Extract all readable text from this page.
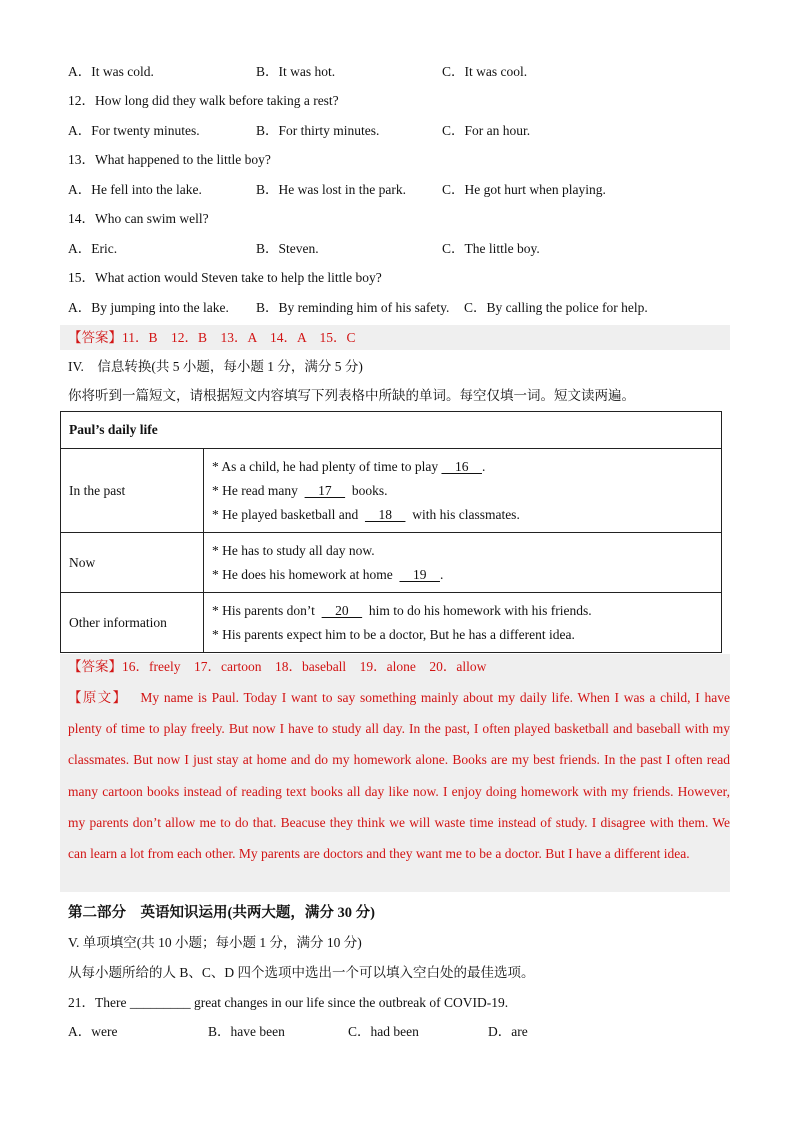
A．It was cold.	B．It was hot.	C．It was cool.
12．How long did they walk before taking a rest?
A．For twenty minutes.	B．For thirty minutes.	C．For an hour.
13．What happened to the little boy?
A．He fell into the lake.	B．He was lost in the park.	C．He got hurt when playing.
14．Who can swim well?
A．Eric.	B．Steven.	C．The little boy.
15．What action would Steven take to help the little boy?
A．By jumping into the lake. B．By reminding him of his safety. C．By calling the police for help.
【答案】11．B　12．B　13．A　14．A　15．C
IV.　信息转换(共 5 小题，每小题 1 分，满分 5 分)
你将听到一篇短文，请根据短文内容填写下列表格中所缺的单词。每空仅填一词。短文读两遍。
Paul’s daily life	
In the past	* As a child, he had plenty of time to play     16    .
* He read many      17      books.
* He played basketball and      18      with his classmates.

Now	* He has to study all day now.
* He does his homework at home      19    .

Other information	* His parents don’t      20      him to do his homework with his friends.
* His parents expect him to be a doctor, But he has a different idea.
【答案】16．freely　17．cartoon　18．baseball　19．alone　20．allow

【原文】　 My name is Paul. Today I want to say something mainly about my daily life. When I was a child, I have plenty of time to play freely. But now I have to study all day. In the past, I often played basketball and baseball with my classmates. But now I just stay at home and do my homework alone. Books are my best friends. In the past I often read many cartoon books instead of reading text books all day like now. I enjoy doing homework with my friends. However, my parents don’t allow me to do that. Beacuse they think we will waste time instead of study. I disagree with them. We can learn a lot from each other. My parents are doctors and they want me to be a doctor. But I have a different idea.

第二部分　英语知识运用(共两大题，满分 30 分)
V. 单项填空(共 10 小题；每小题 1 分，满分 10 分)
从每小题所给的人 B、C、D 四个选项中选出一个可以填入空白处的最佳选项。
21．There _________ great changes in our life since the outbreak of COVID-19.
A．were	B．have been	C．had been	D．are
